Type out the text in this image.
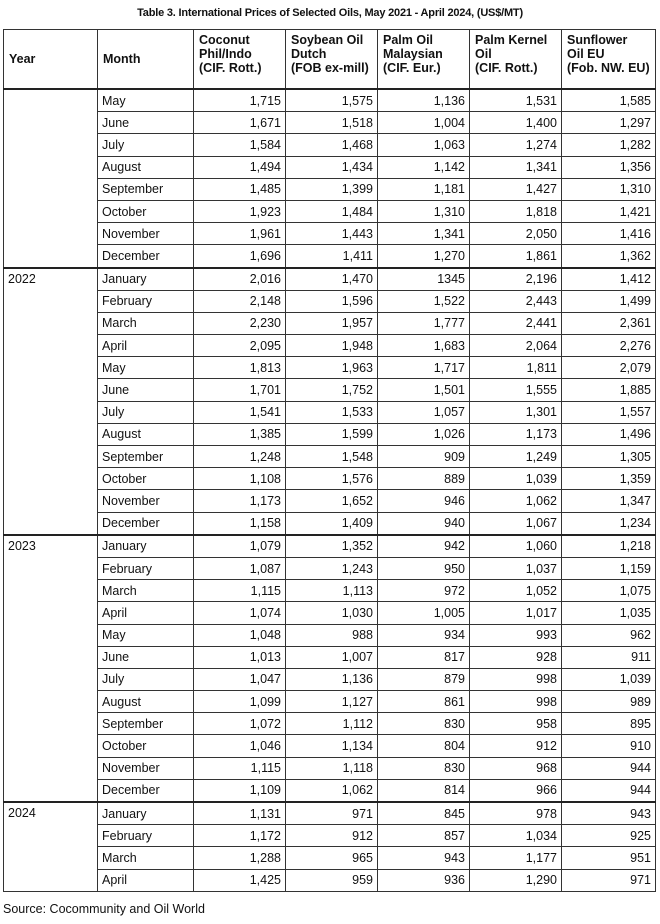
Table 3. International Prices of Selected Oils, May 2021 - April 2024, (US$/MT)
Year	Month	Coconut
Phil/Indo
(CIF. Rott.)	Soybean Oil
Dutch
(FOB ex-mill)	Palm Oil
Malaysian
(CIF. Eur.)	Palm Kernel
Oil
(CIF. Rott.)	Sunflower
Oil EU
(Fob. NW. EU)
	May	1,715	1,575	1,136	1,531	1,585
	June	1,671	1,518	1,004	1,400	1,297
	July	1,584	1,468	1,063	1,274	1,282
	August	1,494	1,434	1,142	1,341	1,356
	September	1,485	1,399	1,181	1,427	1,310
	October	1,923	1,484	1,310	1,818	1,421
	November	1,961	1,443	1,341	2,050	1,416
	December	1,696	1,411	1,270	1,861	1,362
2022	January	2,016	1,470	1345	2,196	1,412
	February	2,148	1,596	1,522	2,443	1,499
	March	2,230	1,957	1,777	2,441	2,361
	April	2,095	1,948	1,683	2,064	2,276
	May	1,813	1,963	1,717	1,811	2,079
	June	1,701	1,752	1,501	1,555	1,885
	July	1,541	1,533	1,057	1,301	1,557
	August	1,385	1,599	1,026	1,173	1,496
	September	1,248	1,548	909	1,249	1,305
	October	1,108	1,576	889	1,039	1,359
	November	1,173	1,652	946	1,062	1,347
	December	1,158	1,409	940	1,067	1,234
2023	January	1,079	1,352	942	1,060	1,218
	February	1,087	1,243	950	1,037	1,159
	March	1,115	1,113	972	1,052	1,075
	April	1,074	1,030	1,005	1,017	1,035
	May	1,048	988	934	993	962
	June	1,013	1,007	817	928	911
	July	1,047	1,136	879	998	1,039
	August	1,099	1,127	861	998	989
	September	1,072	1,112	830	958	895
	October	1,046	1,134	804	912	910
	November	1,115	1,118	830	968	944
	December	1,109	1,062	814	966	944
2024	January	1,131	971	845	978	943
	February	1,172	912	857	1,034	925
	March	1,288	965	943	1,177	951
	April	1,425	959	936	1,290	971
Source: Cocommunity and Oil World
